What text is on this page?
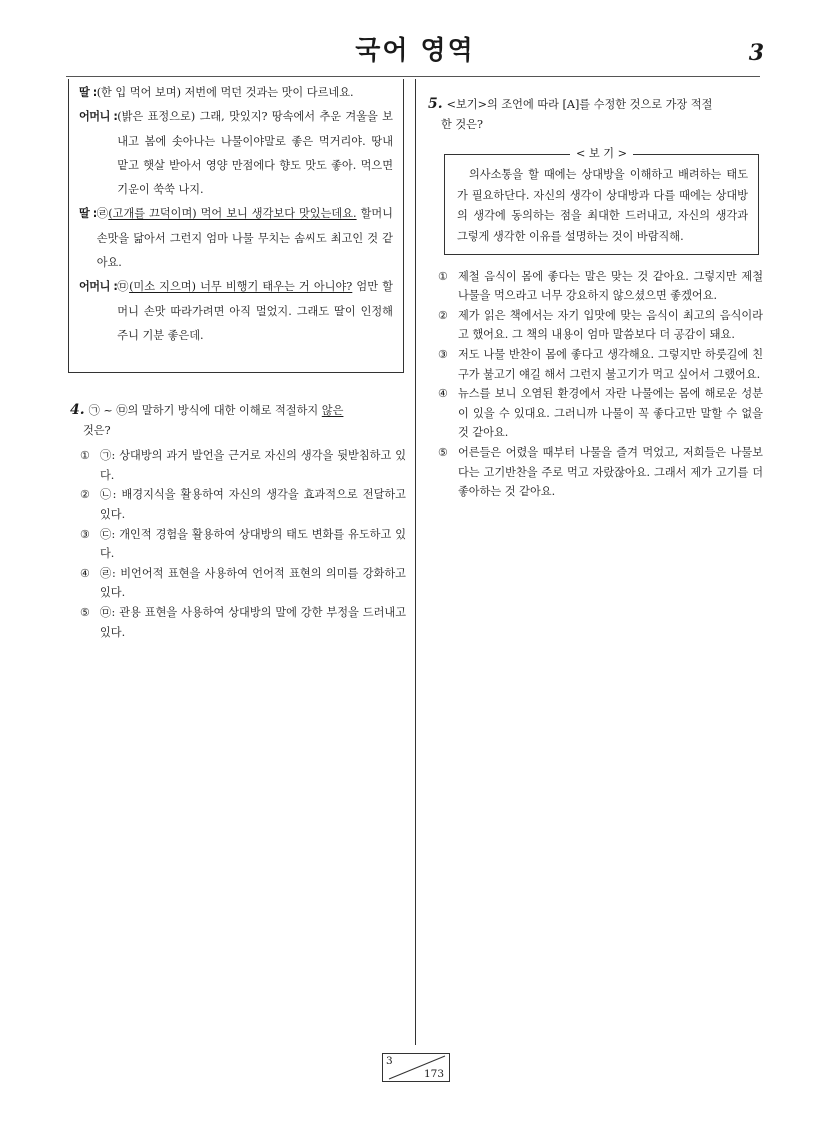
국어 영역	3
딸 : (한 입 먹어 보며) 저번에 먹던 것과는 맛이 다르네요.
어머니 : (밝은 표정으로) 그래, 맛있지? 땅속에서 추운 겨울을 보내고 봄에 솟아나는 나물이야말로 좋은 먹거리야. 땅내 맡고 햇살 받아서 영양 만점에다 향도 맛도 좋아. 먹으면 기운이 쑥쑥 나지.
딸 : ㉣(고개를 끄덕이며) 먹어 보니 생각보다 맛있는데요. 할머니 손맛을 닮아서 그런지 엄마 나물 무치는 솜씨도 최고인 것 같아요.
어머니 : ㉤(미소 지으며) 너무 비행기 태우는 거 아니야? 엄만 할머니 손맛 따라가려면 아직 멀었지. 그래도 딸이 인정해 주니 기분 좋은데.

4. ㉠ ~ ㉤의 말하기 방식에 대한 이해로 적절하지 않은

것은?

① ㉠: 상대방의 과거 발언을 근거로 자신의 생각을 뒷받침하고 있다.
② ㉡: 배경지식을 활용하여 자신의 생각을 효과적으로 전달하고 있다.
③ ㉢: 개인적 경험을 활용하여 상대방의 태도 변화를 유도하고 있다.
④ ㉣: 비언어적 표현을 사용하여 언어적 표현의 의미를 강화하고 있다.
⑤ ㉤: 관용 표현을 사용하여 상대방의 말에 강한 부정을 드러내고 있다.

5. <보기>의 조언에 따라 [A]를 수정한 것으로 가장 적절

한 것은?

< 보 기 >

의사소통을 할 때에는 상대방을 이해하고 배려하는 태도가 필요하단다. 자신의 생각이 상대방과 다를 때에는 상대방의 생각에 동의하는 점을 최대한 드러내고, 자신의 생각과 그렇게 생각한 이유를 설명하는 것이 바람직해.

① 제철 음식이 몸에 좋다는 말은 맞는 것 같아요. 그렇지만 제철 나물을 먹으라고 너무 강요하지 않으셨으면 좋겠어요.
② 제가 읽은 책에서는 자기 입맛에 맞는 음식이 최고의 음식이라고 했어요. 그 책의 내용이 엄마 말씀보다 더 공감이 돼요.
③ 저도 나물 반찬이 몸에 좋다고 생각해요. 그렇지만 하룻길에 친구가 불고기 얘길 해서 그런지 불고기가 먹고 싶어서 그랬어요.
④ 뉴스를 보니 오염된 환경에서 자란 나물에는 몸에 해로운 성분이 있을 수 있대요. 그러니까 나물이 꼭 좋다고만 말할 수 없을 것 같아요.
⑤ 어른들은 어렸을 때부터 나물을 즐겨 먹었고, 저희들은 나물보다는 고기반찬을 주로 먹고 자랐잖아요. 그래서 제가 고기를 더 좋아하는 것 같아요.
3
173
